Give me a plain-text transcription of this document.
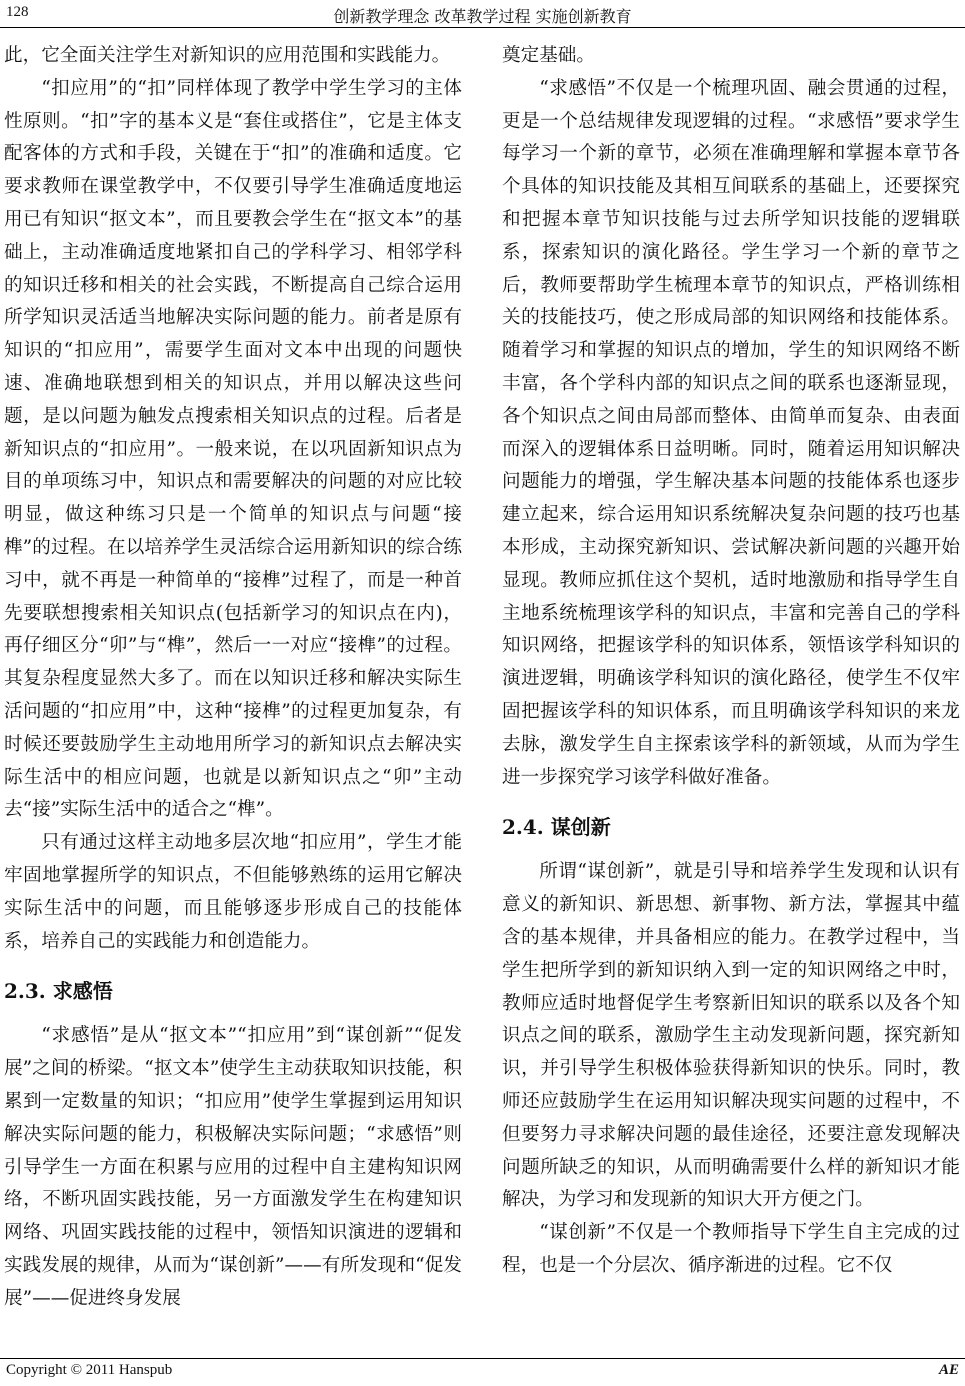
128	创新教学理念 改革教学过程 实施创新教育

此，它全面关注学生对新知识的应用范围和实践能力。

“扣应用”的“扣”同样体现了教学中学生学习的主体性原则。“扣”字的基本义是“套住或搭住”，它是主体支配客体的方式和手段，关键在于“扣”的准确和适度。它要求教师在课堂教学中，不仅要引导学生准确适度地运用已有知识“抠文本”，而且要教会学生在“抠文本”的基础上，主动准确适度地紧扣自己的学科学习、相邻学科的知识迁移和相关的社会实践，不断提高自己综合运用所学知识灵活适当地解决实际问题的能力。前者是原有知识的“扣应用”，需要学生面对文本中出现的问题快速、准确地联想到相关的知识点，并用以解决这些问题，是以问题为触发点搜索相关知识点的过程。后者是新知识点的“扣应用”。一般来说，在以巩固新知识点为目的单项练习中，知识点和需要解决的问题的对应比较明显，做这种练习只是一个简单的知识点与问题“接榫”的过程。在以培养学生灵活综合运用新知识的综合练习中，就不再是一种简单的“接榫”过程了，而是一种首先要联想搜索相关知识点(包括新学习的知识点在内)，再仔细区分“卯”与“榫”，然后一一对应“接榫”的过程。其复杂程度显然大多了。而在以知识迁移和解决实际生活问题的“扣应用”中，这种“接榫”的过程更加复杂，有时候还要鼓励学生主动地用所学习的新知识点去解决实际生活中的相应问题，也就是以新知识点之“卯”主动去“接”实际生活中的适合之“榫”。

只有通过这样主动地多层次地“扣应用”，学生才能牢固地掌握所学的知识点，不但能够熟练的运用它解决实际生活中的问题，而且能够逐步形成自己的技能体系，培养自己的实践能力和创造能力。

2.3. 求感悟

“求感悟”是从“抠文本”“扣应用”到“谋创新”“促发展”之间的桥梁。“抠文本”使学生主动获取知识技能，积累到一定数量的知识；“扣应用”使学生掌握到运用知识解决实际问题的能力，积极解决实际问题；“求感悟”则引导学生一方面在积累与应用的过程中自主建构知识网络，不断巩固实践技能，另一方面激发学生在构建知识网络、巩固实践技能的过程中，领悟知识演进的逻辑和实践发展的规律，从而为“谋创新”——有所发现和“促发展”——促进终身发展

奠定基础。

“求感悟”不仅是一个梳理巩固、融会贯通的过程，更是一个总结规律发现逻辑的过程。“求感悟”要求学生每学习一个新的章节，必须在准确理解和掌握本章节各个具体的知识技能及其相互间联系的基础上，还要探究和把握本章节知识技能与过去所学知识技能的逻辑联系，探索知识的演化路径。学生学习一个新的章节之后，教师要帮助学生梳理本章节的知识点，严格训练相关的技能技巧，使之形成局部的知识网络和技能体系。随着学习和掌握的知识点的增加，学生的知识网络不断丰富，各个学科内部的知识点之间的联系也逐渐显现，各个知识点之间由局部而整体、由简单而复杂、由表面而深入的逻辑体系日益明晰。同时，随着运用知识解决问题能力的增强，学生解决基本问题的技能体系也逐步建立起来，综合运用知识系统解决复杂问题的技巧也基本形成，主动探究新知识、尝试解决新问题的兴趣开始显现。教师应抓住这个契机，适时地激励和指导学生自主地系统梳理该学科的知识点，丰富和完善自己的学科知识网络，把握该学科的知识体系，领悟该学科知识的演进逻辑，明确该学科知识的演化路径，使学生不仅牢固把握该学科的知识体系，而且明确该学科知识的来龙去脉，激发学生自主探索该学科的新领域，从而为学生进一步探究学习该学科做好准备。

2.4. 谋创新

所谓“谋创新”，就是引导和培养学生发现和认识有意义的新知识、新思想、新事物、新方法，掌握其中蕴含的基本规律，并具备相应的能力。在教学过程中，当学生把所学到的新知识纳入到一定的知识网络之中时，教师应适时地督促学生考察新旧知识的联系以及各个知识点之间的联系，激励学生主动发现新问题，探究新知识，并引导学生积极体验获得新知识的快乐。同时，教师还应鼓励学生在运用知识解决现实问题的过程中，不但要努力寻求解决问题的最佳途径，还要注意发现解决问题所缺乏的知识，从而明确需要什么样的新知识才能解决，为学习和发现新的知识大开方便之门。

“谋创新”不仅是一个教师指导下学生自主完成的过程，也是一个分层次、循序渐进的过程。它不仅

Copyright © 2011 Hanspub	AE
